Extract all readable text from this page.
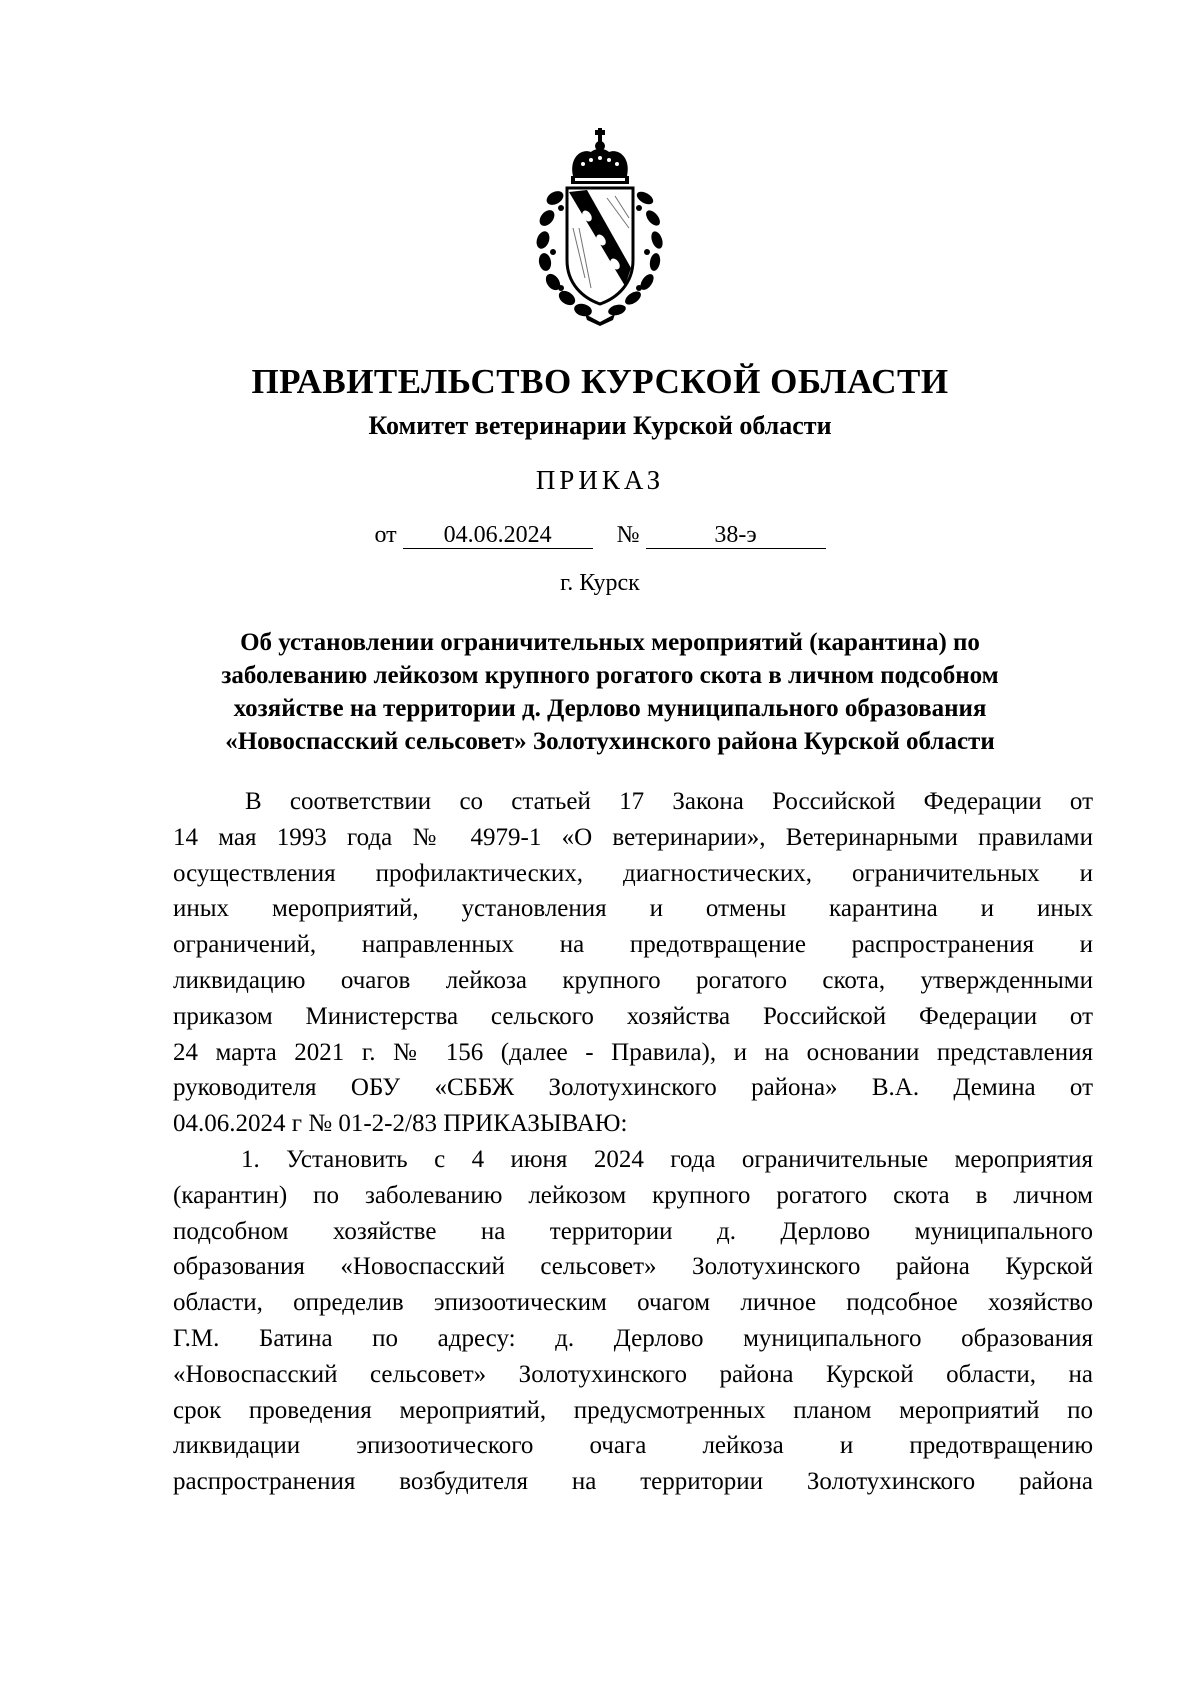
ПРАВИТЕЛЬСТВО КУРСКОЙ ОБЛАСТИ
Комитет ветеринарии Курской области
ПРИКАЗ
от 04.06.2024	№	38-э
г. Курск
Об установлении ограничительных мероприятий (карантина) по
заболеванию лейкозом крупного рогатого скота в личном подсобном
хозяйстве на территории д. Дерлово муниципального образования
«Новоспасский сельсовет» Золотухинского района Курской области
В соответствии со статьей 17 Закона Российской Федерации от
14 мая 1993 года № 4979-1 «О ветеринарии», Ветеринарными правилами
осуществления профилактических, диагностических, ограничительных и
иных мероприятий, установления и отмены карантина и иных
ограничений, направленных на предотвращение распространения и
ликвидацию очагов лейкоза крупного рогатого скота, утвержденными
приказом Министерства сельского хозяйства Российской Федерации от
24 марта 2021 г. № 156 (далее - Правила), и на основании представления
руководителя ОБУ «СББЖ Золотухинского района» В.А. Демина от
04.06.2024 г № 01-2-2/83 ПРИКАЗЫВАЮ:
1. Установить с 4 июня 2024 года ограничительные мероприятия
(карантин) по заболеванию лейкозом крупного рогатого скота в личном
подсобном хозяйстве на территории д. Дерлово муниципального
образования «Новоспасский сельсовет» Золотухинского района Курской
области, определив эпизоотическим очагом личное подсобное хозяйство
Г.М. Батина по адресу: д. Дерлово муниципального образования
«Новоспасский сельсовет» Золотухинского района Курской области, на
срок проведения мероприятий, предусмотренных планом мероприятий по
ликвидации эпизоотического очага лейкоза и предотвращению
распространения возбудителя на территории Золотухинского района
